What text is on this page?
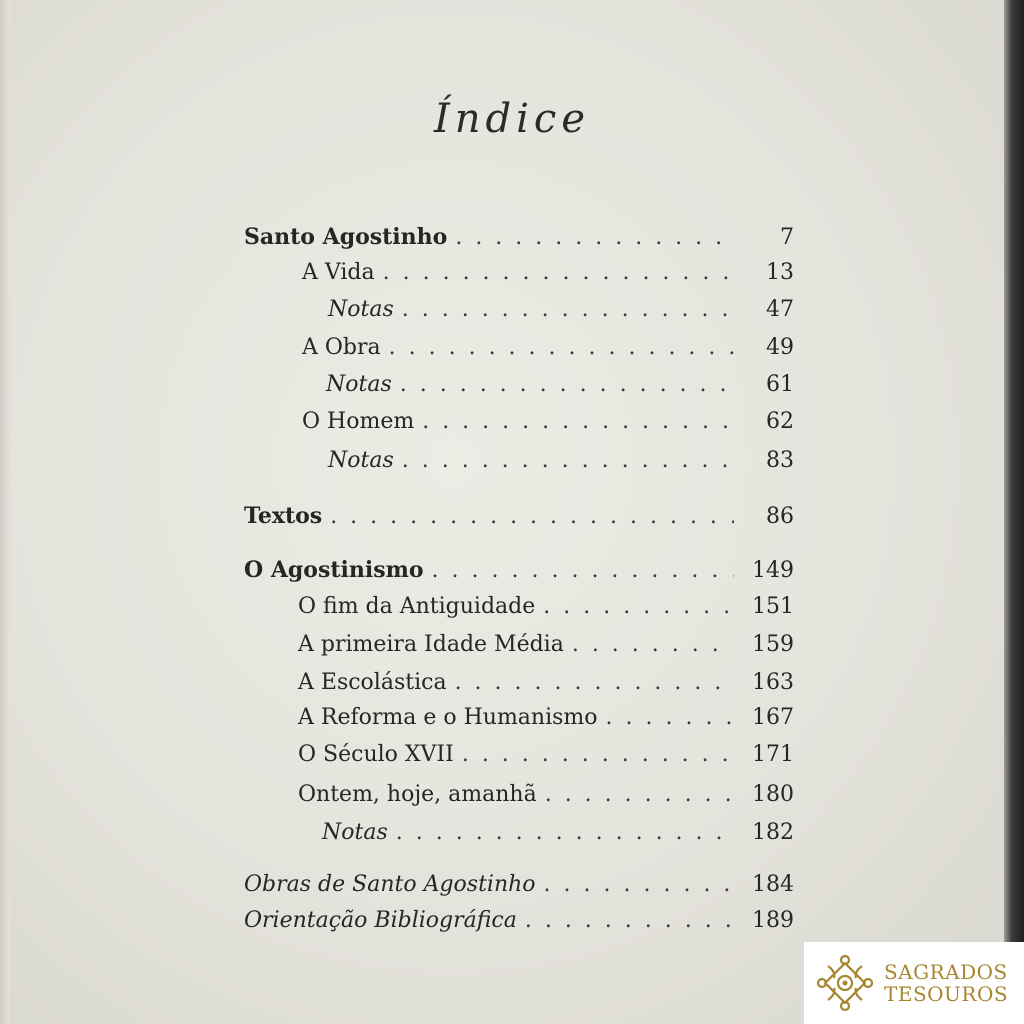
Índice
Santo Agostinho . . .	7
A Vida . . .	13
Notas . . .	47
A Obra . . .	49
Notas . . .	61
O Homem . . .	62
Notas . . .	83
Textos . . .	86
O Agostinismo . . .	149
O fim da Antiguidade . . .	151
A primeira Idade Média . . .	159
A Escolástica . . .	163
A Reforma e o Humanismo . . .	167
O Século XVII . . .	171
Ontem, hoje, amanhã . . .	180
Notas . . .	182
Obras de Santo Agostinho . . .	184
Orientação Bibliográfica . . .	189
SAGRADOS
TESOUROS
